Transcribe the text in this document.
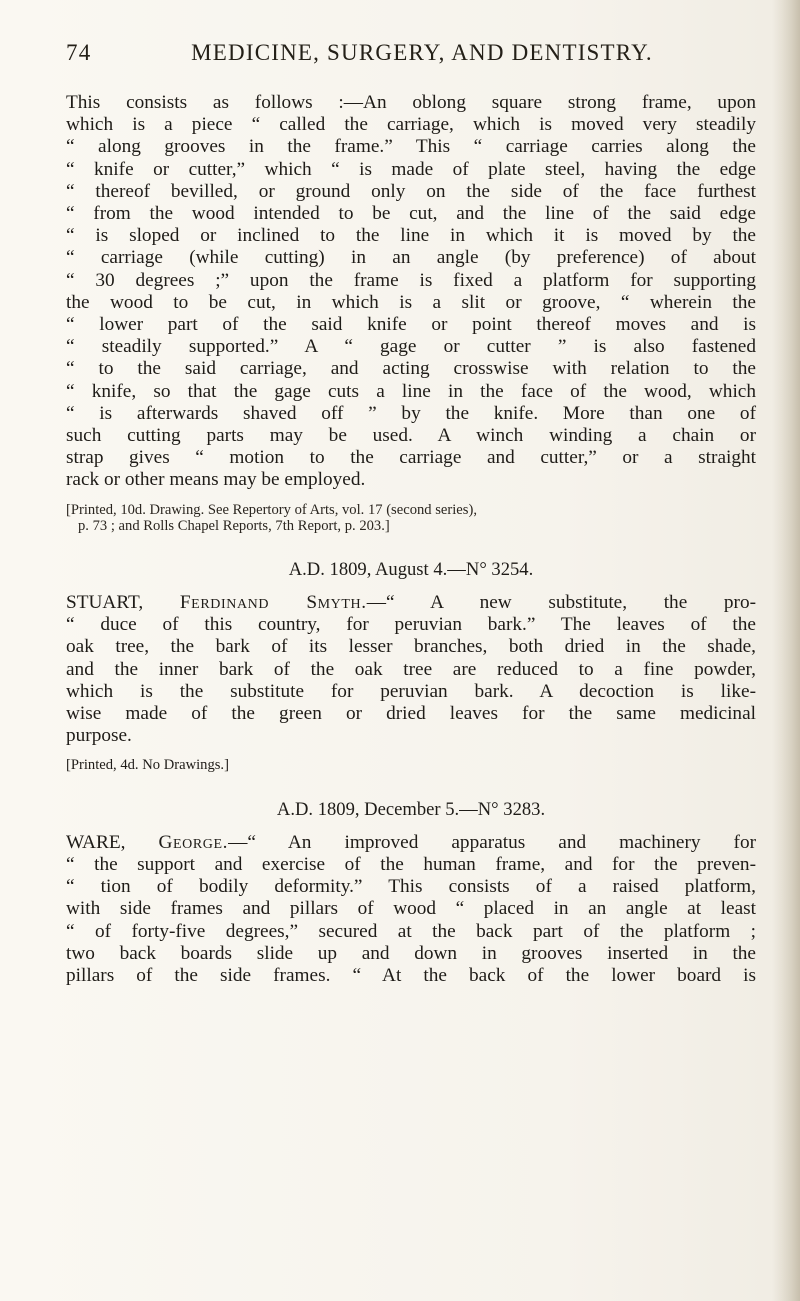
74	MEDICINE, SURGERY, AND DENTISTRY.

This consists as follows :—An oblong square strong frame, upon

which is a piece “ called the carriage, which is moved very steadily

“ along grooves in the frame.” This “ carriage carries along the

“ knife or cutter,” which “ is made of plate steel, having the edge

“ thereof bevilled, or ground only on the side of the face furthest

“ from the wood intended to be cut, and the line of the said edge

“ is sloped or inclined to the line in which it is moved by the

“ carriage (while cutting) in an angle (by preference) of about

“ 30 degrees ;” upon the frame is fixed a platform for supporting

the wood to be cut, in which is a slit or groove, “ wherein the

“ lower part of the said knife or point thereof moves and is

“ steadily supported.” A “ gage or cutter ” is also fastened

“ to the said carriage, and acting crosswise with relation to the

“ knife, so that the gage cuts a line in the face of the wood, which

“ is afterwards shaved off ” by the knife. More than one of

such cutting parts may be used. A winch winding a chain or

strap gives “ motion to the carriage and cutter,” or a straight

rack or other means may be employed.

[Printed, 10d. Drawing. See Repertory of Arts, vol. 17 (second series),

p. 73 ; and Rolls Chapel Reports, 7th Report, p. 203.]

A.D. 1809, August 4.—N° 3254.

STUART, Ferdinand Smyth.—“ A new substitute, the pro-

“ duce of this country, for peruvian bark.” The leaves of the

oak tree, the bark of its lesser branches, both dried in the shade,

and the inner bark of the oak tree are reduced to a fine powder,

which is the substitute for peruvian bark. A decoction is like-

wise made of the green or dried leaves for the same medicinal

purpose.

[Printed, 4d. No Drawings.]

A.D. 1809, December 5.—N° 3283.

WARE, George.—“ An improved apparatus and machinery for

“ the support and exercise of the human frame, and for the preven-

“ tion of bodily deformity.” This consists of a raised platform,

with side frames and pillars of wood “ placed in an angle at least

“ of forty-five degrees,” secured at the back part of the platform ;

two back boards slide up and down in grooves inserted in the

pillars of the side frames. “ At the back of the lower board is
